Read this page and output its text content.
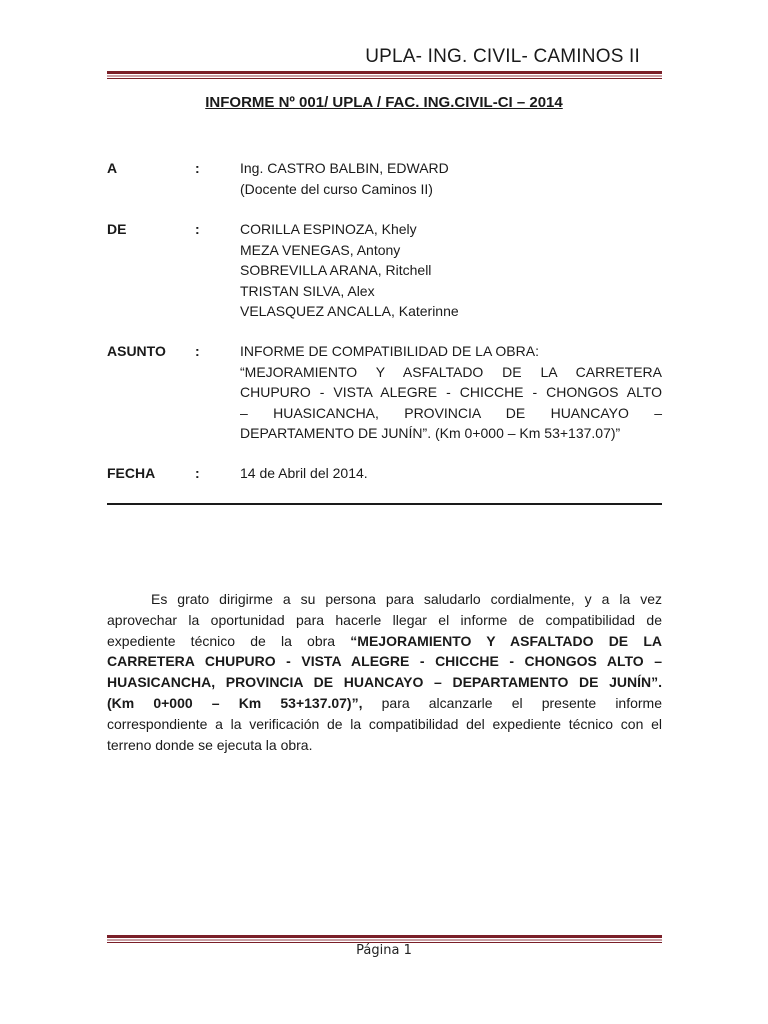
UPLA- ING. CIVIL- CAMINOS II
INFORME Nº 001/ UPLA / FAC. ING.CIVIL-CI – 2014
A	:	Ing. CASTRO BALBIN, EDWARD
(Docente del curso Caminos II)
DE	:	CORILLA ESPINOZA, Khely
MEZA VENEGAS, Antony
SOBREVILLA ARANA, Ritchell
TRISTAN SILVA, Alex
VELASQUEZ ANCALLA, Katerinne
ASUNTO :	INFORME DE COMPATIBILIDAD DE LA OBRA:
“MEJORAMIENTO Y ASFALTADO DE LA CARRETERA
CHUPURO - VISTA ALEGRE - CHICCHE - CHONGOS ALTO
– HUASICANCHA, PROVINCIA DE HUANCAYO –
DEPARTAMENTO DE JUNÍN”. (Km 0+000 – Km 53+137.07)”
FECHA	:	14 de Abril del 2014.
Es grato dirigirme a su persona para saludarlo cordialmente, y a la vez
aprovechar la oportunidad para hacerle llegar el informe de compatibilidad de
expediente técnico de la obra “MEJORAMIENTO Y ASFALTADO DE LA
CARRETERA CHUPURO - VISTA ALEGRE - CHICCHE - CHONGOS ALTO –
HUASICANCHA, PROVINCIA DE HUANCAYO – DEPARTAMENTO DE JUNÍN”.
(Km 0+000 – Km 53+137.07)”, para alcanzarle el presente informe
correspondiente a la verificación de la compatibilidad del expediente técnico con el
terreno donde se ejecuta la obra.
Página 1
